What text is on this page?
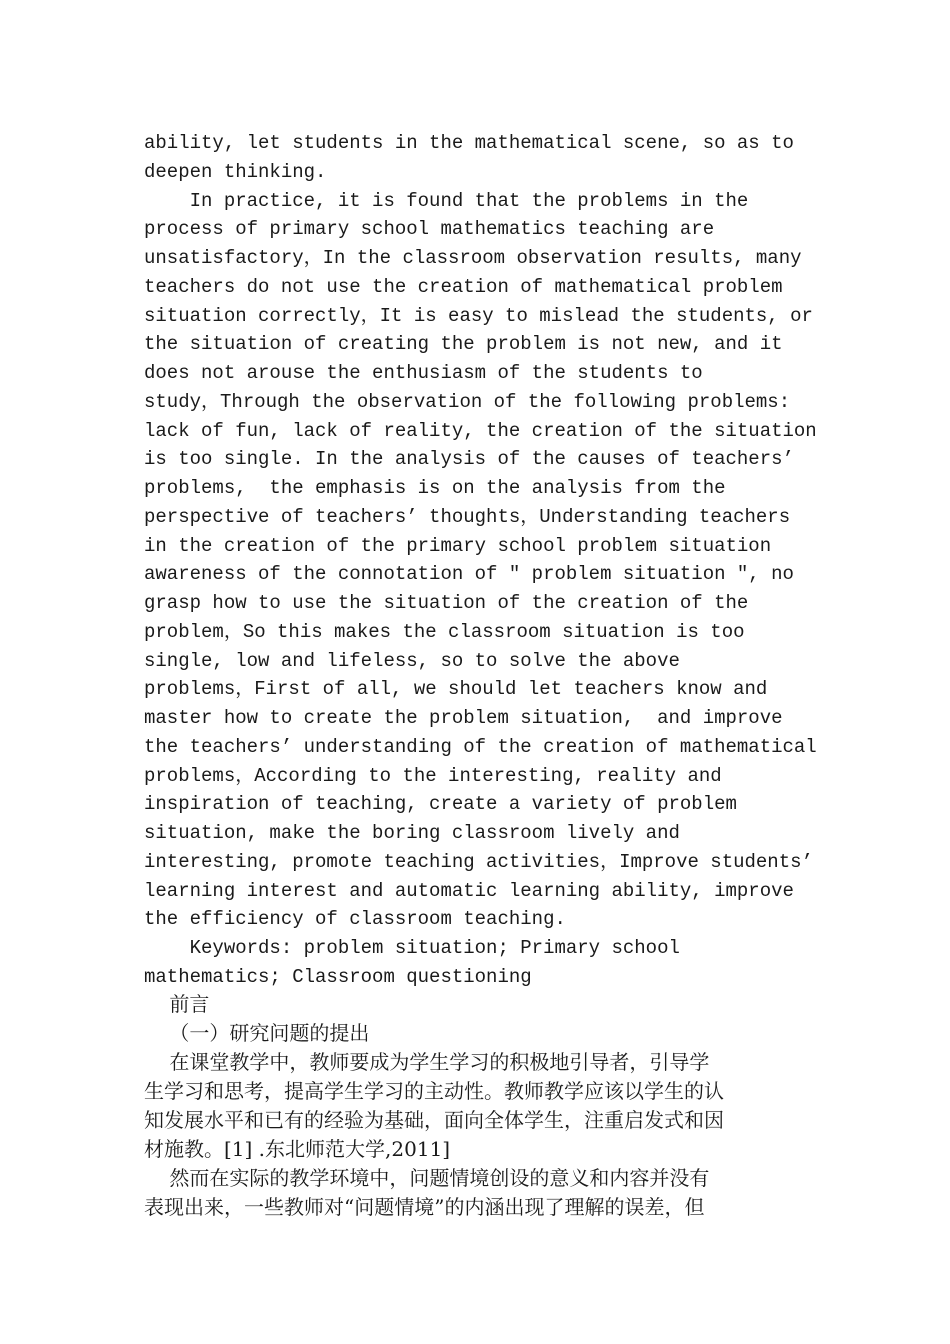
ability, let students in the mathematical scene, so as to
deepen thinking.
In practice, it is found that the problems in the
process of primary school mathematics teaching are
unsatisfactory，In the classroom observation results, many
teachers do not use the creation of mathematical problem
situation correctly，It is easy to mislead the students, or
the situation of creating the problem is not new, and it
does not arouse the enthusiasm of the students to
study，Through the observation of the following problems:
lack of fun, lack of reality, the creation of the situation
is too single. In the analysis of the causes of teachers’
problems,  the emphasis is on the analysis from the
perspective of teachers’ thoughts，Understanding teachers
in the creation of the primary school problem situation
awareness of the connotation of ″ problem situation ″, no
grasp how to use the situation of the creation of the
problem，So this makes the classroom situation is too
single, low and lifeless, so to solve the above
problems，First of all, we should let teachers know and
master how to create the problem situation,  and improve
the teachers’ understanding of the creation of mathematical
problems，According to the interesting, reality and
inspiration of teaching, create a variety of problem
situation, make the boring classroom lively and
interesting, promote teaching activities，Improve students’
learning interest and automatic learning ability, improve
the efficiency of classroom teaching.
Keywords: problem situation; Primary school
mathematics; Classroom questioning
前言
（一）研究问题的提出
在课堂教学中，教师要成为学生学习的积极地引导者，引导学
生学习和思考，提高学生学习的主动性。教师教学应该以学生的认
知发展水平和已有的经验为基础，面向全体学生，注重启发式和因
材施教。[1] .东北师范大学,2011]
然而在实际的教学环境中，问题情境创设的意义和内容并没有
表现出来，一些教师对“问题情境”的内涵出现了理解的误差，但
